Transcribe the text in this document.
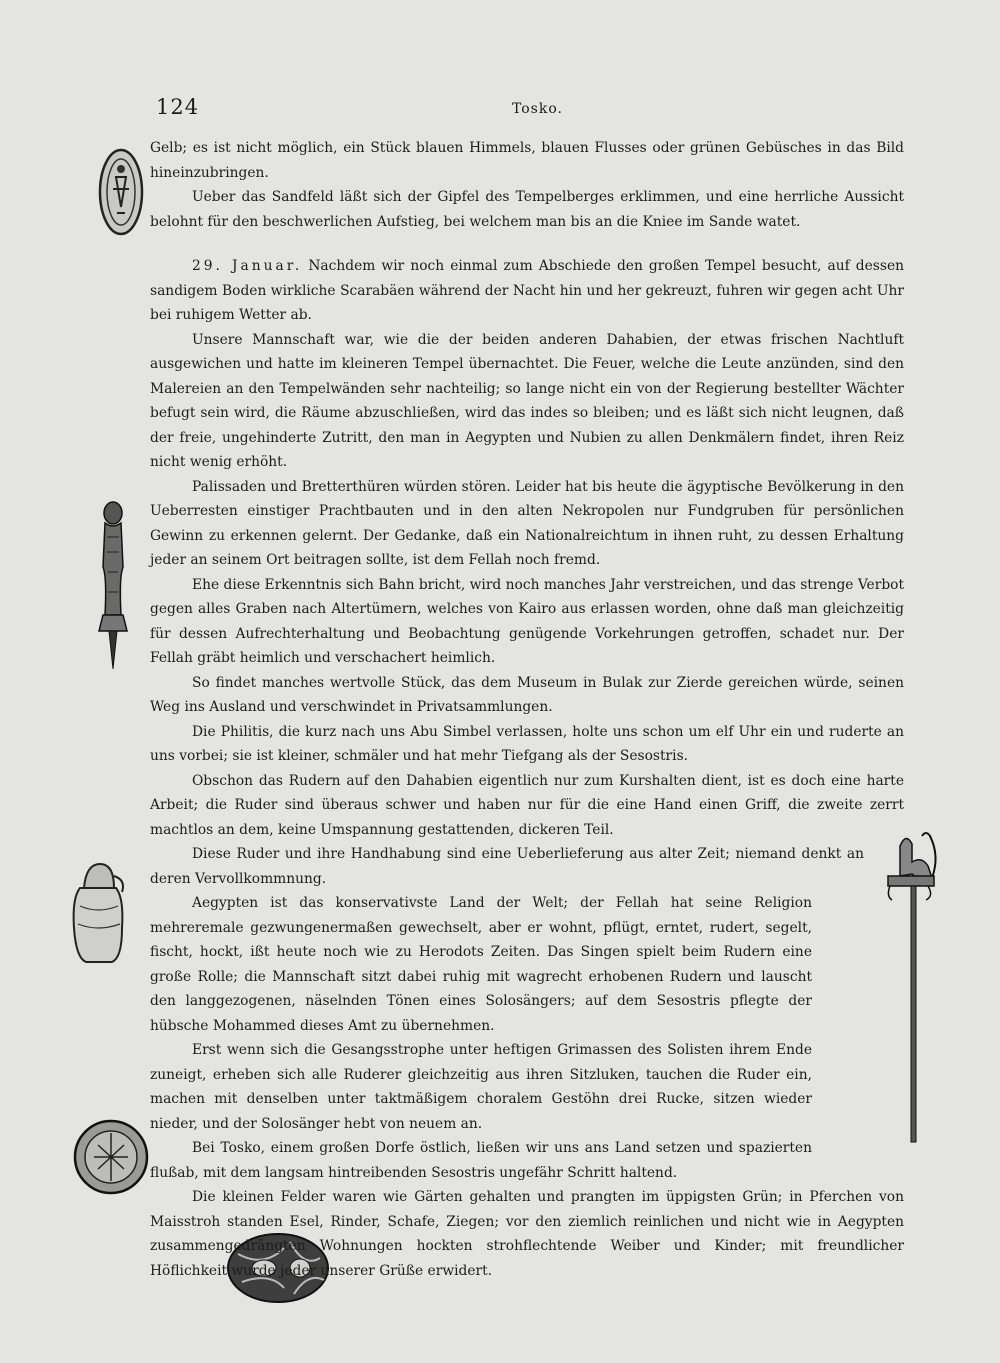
124	Tosko.

Gelb; es ist nicht möglich, ein Stück blauen Himmels, blauen Flusses oder grünen Gebüsches in das Bild hineinzubringen.

Ueber das Sandfeld läßt sich der Gipfel des Tempelberges erklimmen, und eine herrliche Aussicht belohnt für den beschwerlichen Aufstieg, bei welchem man bis an die Kniee im Sande watet.

29. Januar. Nachdem wir noch einmal zum Abschiede den großen Tempel besucht, auf dessen sandigem Boden wirkliche Scarabäen während der Nacht hin und her gekreuzt, fuhren wir gegen acht Uhr bei ruhigem Wetter ab.

Unsere Mannschaft war, wie die der beiden anderen Dahabien, der etwas frischen Nachtluft ausgewichen und hatte im kleineren Tempel übernachtet. Die Feuer, welche die Leute anzünden, sind den Malereien an den Tempelwänden sehr nachteilig; so lange nicht ein von der Regierung bestellter Wächter befugt sein wird, die Räume abzuschließen, wird das indes so bleiben; und es läßt sich nicht leugnen, daß der freie, ungehinderte Zutritt, den man in Aegypten und Nubien zu allen Denkmälern findet, ihren Reiz nicht wenig erhöht.

Palissaden und Bretterthüren würden stören. Leider hat bis heute die ägyptische Bevölkerung in den Ueberresten einstiger Prachtbauten und in den alten Nekropolen nur Fundgruben für persönlichen Gewinn zu erkennen gelernt. Der Gedanke, daß ein Nationalreichtum in ihnen ruht, zu dessen Erhaltung jeder an seinem Ort beitragen sollte, ist dem Fellah noch fremd.

Ehe diese Erkenntnis sich Bahn bricht, wird noch manches Jahr verstreichen, und das strenge Verbot gegen alles Graben nach Altertümern, welches von Kairo aus erlassen worden, ohne daß man gleichzeitig für dessen Aufrechterhaltung und Beobachtung genügende Vorkehrungen getroffen, schadet nur. Der Fellah gräbt heimlich und verschachert heimlich.

So findet manches wertvolle Stück, das dem Museum in Bulak zur Zierde gereichen würde, seinen Weg ins Ausland und verschwindet in Privatsammlungen.

Die Philitis, die kurz nach uns Abu Simbel verlassen, holte uns schon um elf Uhr ein und ruderte an uns vorbei; sie ist kleiner, schmäler und hat mehr Tiefgang als der Sesostris.

Obschon das Rudern auf den Dahabien eigentlich nur zum Kurshalten dient, ist es doch eine harte Arbeit; die Ruder sind überaus schwer und haben nur für die eine Hand einen Griff, die zweite zerrt machtlos an dem, keine Umspannung gestattenden, dickeren Teil.

Diese Ruder und ihre Handhabung sind eine Ueberlieferung aus alter Zeit; niemand denkt an deren Vervollkommnung.

Aegypten ist das konservativste Land der Welt; der Fellah hat seine Religion mehreremale gezwungenermaßen gewechselt, aber er wohnt, pflügt, erntet, rudert, segelt, fischt, hockt, ißt heute noch wie zu Herodots Zeiten. Das Singen spielt beim Rudern eine große Rolle; die Mannschaft sitzt dabei ruhig mit wagrecht erhobenen Rudern und lauscht den langgezogenen, näselnden Tönen eines Solosängers; auf dem Sesostris pflegte der hübsche Mohammed dieses Amt zu übernehmen.

Erst wenn sich die Gesangsstrophe unter heftigen Grimassen des Solisten ihrem Ende zuneigt, erheben sich alle Ruderer gleichzeitig aus ihren Sitzluken, tauchen die Ruder ein, machen mit denselben unter taktmäßigem choralem Gestöhn drei Rucke, sitzen wieder nieder, und der Solosänger hebt von neuem an.

Bei Tosko, einem großen Dorfe östlich, ließen wir uns ans Land setzen und spazierten flußab, mit dem langsam hintreibenden Sesostris ungefähr Schritt haltend.

Die kleinen Felder waren wie Gärten gehalten und prangten im üppigsten Grün; in Pferchen von Maisstroh standen Esel, Rinder, Schafe, Ziegen; vor den ziemlich reinlichen und nicht wie in Aegypten zusammengedrängten Wohnungen hockten strohflechtende Weiber und Kinder; mit freundlicher Höflichkeit wurde jeder unserer Grüße erwidert.
